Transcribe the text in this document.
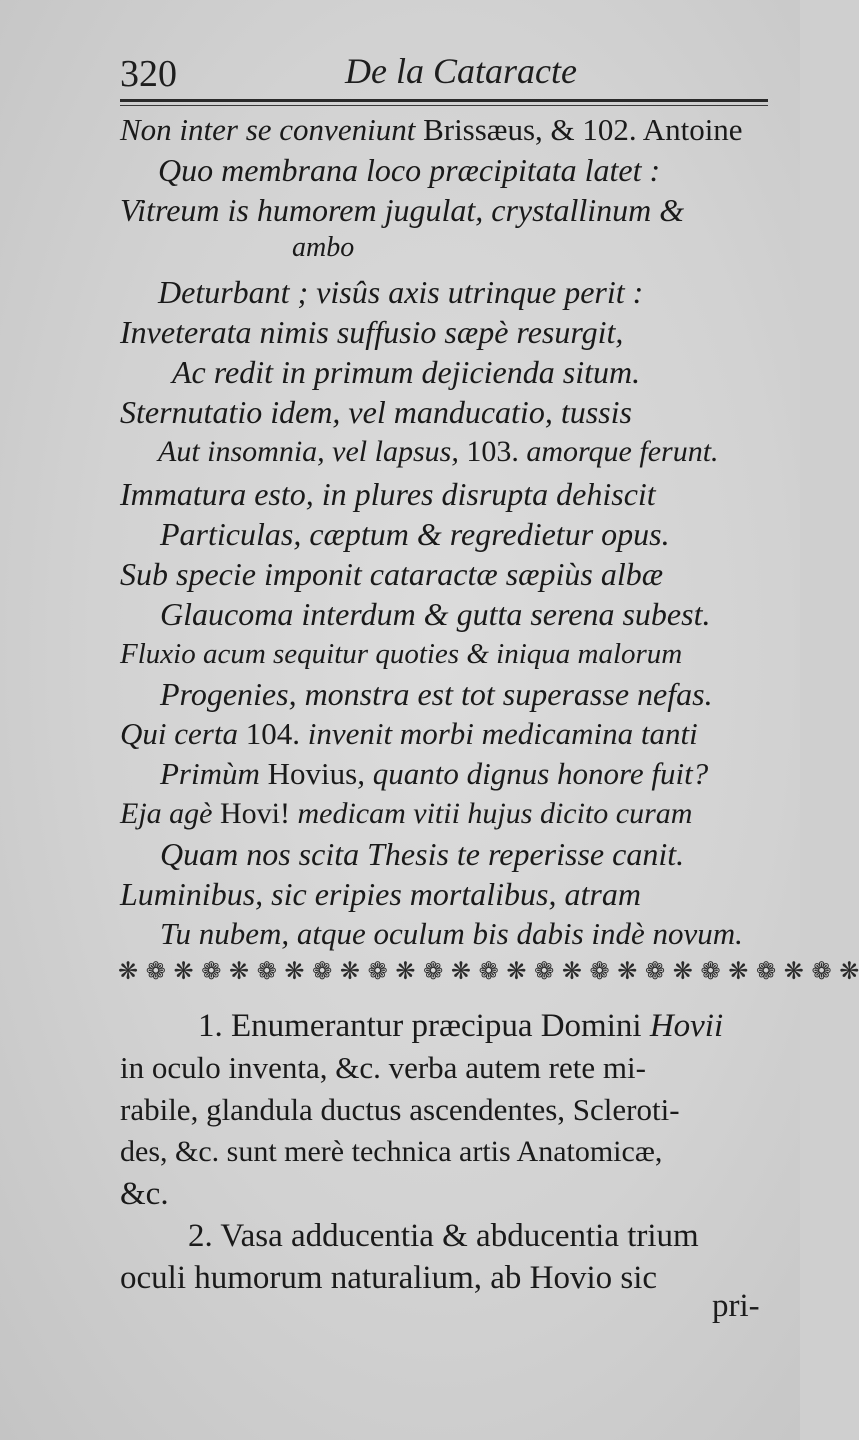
320	De la Cataracte
Non inter se conveniunt Brissæus, & 102. Antoine
Quo membrana loco præcipitata latet :
Vitreum is humorem jugulat, crystallinum &
ambo
Deturbant ; visûs axis utrinque perit :
Inveterata nimis suffusio sæpè resurgit,
Ac redit in primum dejicienda situm.
Sternutatio idem, vel manducatio, tussis
Aut insomnia, vel lapsus, 103. amorque ferunt.
Immatura esto, in plures disrupta dehiscit
Particulas, cæptum & regredietur opus.
Sub specie imponit cataractæ sæpiùs albæ
Glaucoma interdum & gutta serena subest.
Fluxio acum sequitur quoties & iniqua malorum
Progenies, monstra est tot superasse nefas.
Qui certa 104. invenit morbi medicamina tanti
Primùm Hovius, quanto dignus honore fuit?
Eja agè Hovi! medicam vitii hujus dicito curam
Quam nos scita Thesis te reperisse canit.
Luminibus, sic eripies mortalibus, atram
Tu nubem, atque oculum bis dabis indè novum.
❋ ❁ ❋ ❁ ❋ ❁ ❋ ❁ ❋ ❁ ❋ ❁ ❋ ❁ ❋ ❁ ❋ ❁ ❋ ❁ ❋ ❁ ❋ ❁ ❋ ❁ ❋
1. Enumerantur præcipua Domini Hovii
in oculo inventa, &c. verba autem rete mi-
rabile, glandula ductus ascendentes, Scleroti-
des, &c. sunt merè technica artis Anatomicæ,
&c.
2. Vasa adducentia & abducentia trium
oculi humorum naturalium, ab Hovio sic
pri-
